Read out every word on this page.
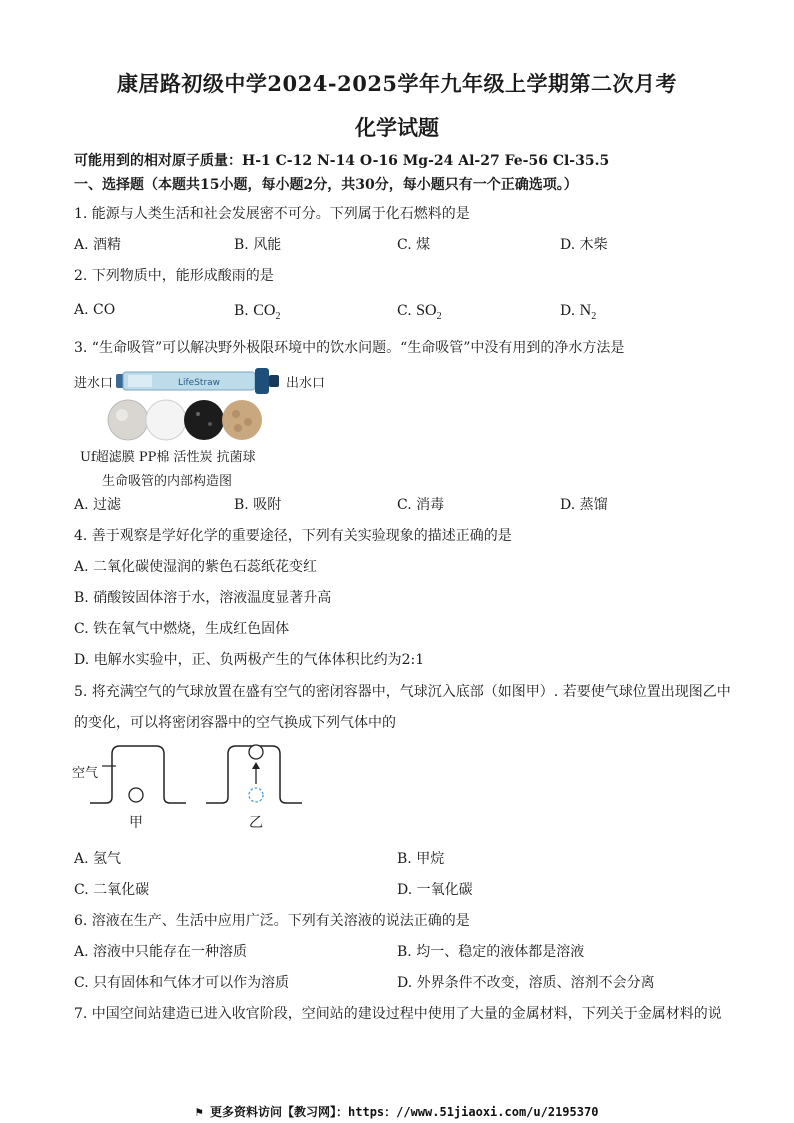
康居路初级中学2024-2025学年九年级上学期第二次月考
化学试题
可能用到的相对原子质量：H-1 C-12 N-14 O-16 Mg-24 Al-27 Fe-56 Cl-35.5
一、选择题（本题共15小题，每小题2分，共30分，每小题只有一个正确选项。）
1. 能源与人类生活和社会发展密不可分。下列属于化石燃料的是
A. 酒精	B. 风能	C. 煤	D. 木柴
2. 下列物质中，能形成酸雨的是
A. CO	B. $CO_2$	C. $SO_2$	D. $N_2$
3. “生命吸管”可以解决野外极限环境中的饮水问题。“生命吸管”中没有用到的净水方法是
进水口	LifeStraw	出水口
Uf超滤膜 PP棉 活性炭 抗菌球
生命吸管的内部构造图
A. 过滤	B. 吸附	C. 消毒	D. 蒸馏
4. 善于观察是学好化学的重要途径，下列有关实验现象的描述正确的是
A. 二氧化碳使湿润的紫色石蕊纸花变红
B. 硝酸铵固体溶于水，溶液温度显著升高
C. 铁在氧气中燃烧，生成红色固体
D. 电解水实验中，正、负两极产生的气体体积比约为2:1
5. 将充满空气的气球放置在盛有空气的密闭容器中，气球沉入底部（如图甲）. 若要使气球位置出现图乙中
的变化，可以将密闭容器中的空气换成下列气体中的
空气
甲	乙
A. 氢气	B. 甲烷
C. 二氧化碳	D. 一氧化碳
6. 溶液在生产、生活中应用广泛。下列有关溶液的说法正确的是
A. 溶液中只能存在一种溶质	B. 均一、稳定的液体都是溶液
C. 只有固体和气体才可以作为溶质	D. 外界条件不改变，溶质、溶剂不会分离
7. 中国空间站建造已进入收官阶段，空间站的建设过程中使用了大量的金属材料，下列关于金属材料的说
⚑ 更多资料访问【教习网】：https：//www.51jiaoxi.com/u/2195370
